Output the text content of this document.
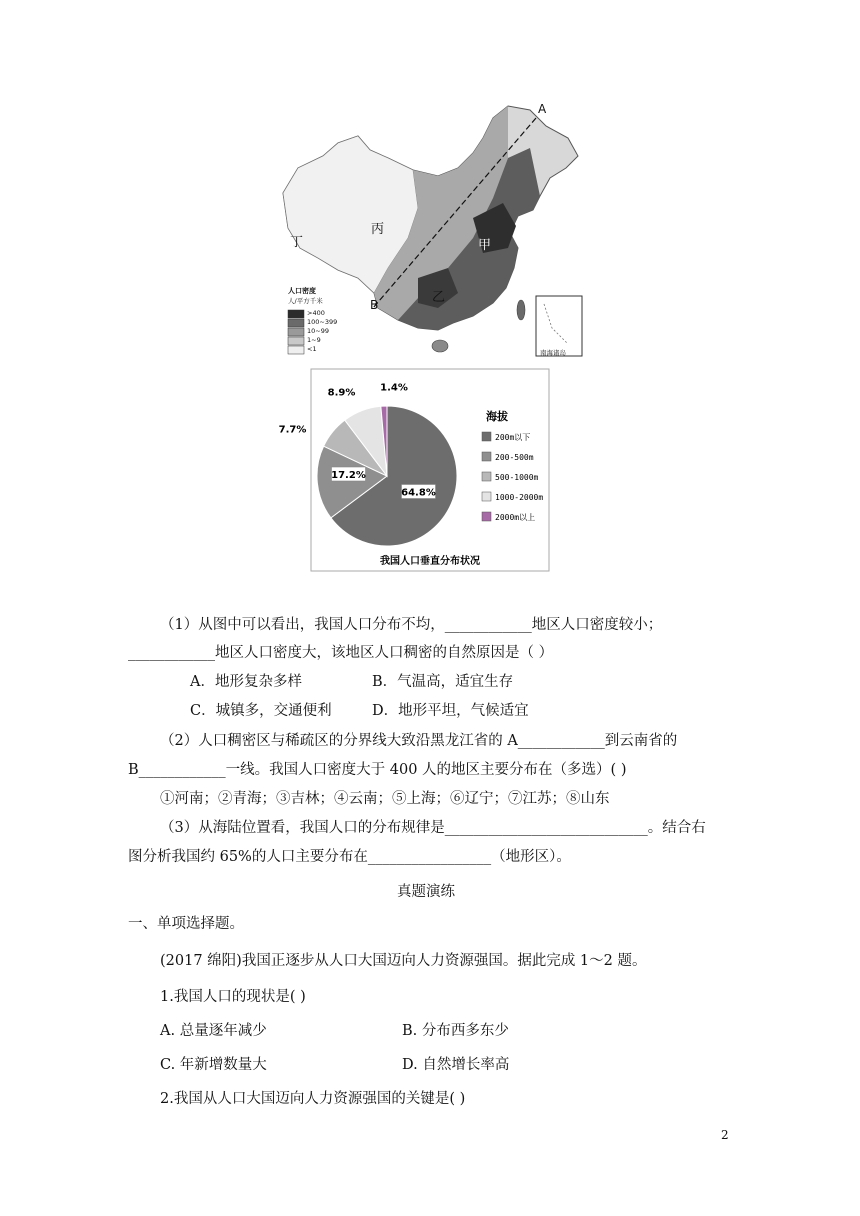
A
B
甲
乙
丙
丁
人口密度
人/平方千米
>400
100~399
10~99
1~9
<1	南海诸岛
64.8%
17.2%
7.7%
8.9% 1.4%
200m以下
200-500m
500-1000m
1000-2000m
2000m以上
海拔
我国人口垂直分布状况
（1）从图中可以看出，我国人口分布不均，____________地区人口密度较小；
____________地区人口密度大，该地区人口稠密的自然原因是（ ）
A．地形复杂多样	B．气温高，适宜生存
C．城镇多，交通便利	D．地形平坦，气候适宜
（2）人口稠密区与稀疏区的分界线大致沿黑龙江省的 A____________到云南省的
B____________一线。我国人口密度大于 400 人的地区主要分布在（多选）( )
①河南；②青海；③吉林；④云南；⑤上海；⑥辽宁；⑦江苏；⑧山东
（3）从海陆位置看，我国人口的分布规律是____________________________。结合右
图分析我国约 65%的人口主要分布在_________________（地形区）。
真题演练
一、单项选择题。
(2017 绵阳)我国正逐步从人口大国迈向人力资源强国。据此完成 1～2 题。
1.我国人口的现状是( )
A. 总量逐年减少	B. 分布西多东少
C. 年新增数量大	D. 自然增长率高
2.我国从人口大国迈向人力资源强国的关键是( )
2
